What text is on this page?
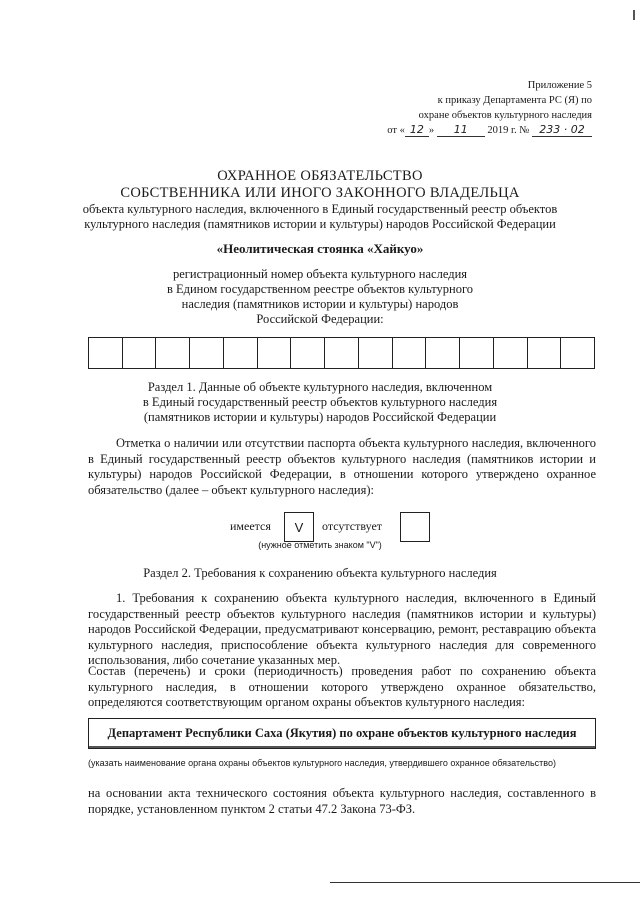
Приложение 5
к приказу Департамента РС (Я) по
охране объектов культурного наследия
от « 12 » 11 2019 г. № 233 · 02
ОХРАННОЕ ОБЯЗАТЕЛЬСТВО
СОБСТВЕННИКА ИЛИ ИНОГО ЗАКОННОГО ВЛАДЕЛЬЦА
объекта культурного наследия, включенного в Единый государственный реестр объектов
культурного наследия (памятников истории и культуры) народов Российской Федерации
«Неолитическая стоянка «Хайкуо»
регистрационный номер объекта культурного наследия
в Едином государственном реестре объектов культурного
наследия (памятников истории и культуры) народов
Российской Федерации:
Раздел 1. Данные об объекте культурного наследия, включенном
в Единый государственный реестр объектов культурного наследия
(памятников истории и культуры) народов Российской Федерации
Отметка о наличии или отсутствии паспорта объекта культурного наследия, включенного в Единый государственный реестр объектов культурного наследия (памятников истории и культуры) народов Российской Федерации, в отношении которого утверждено охранное обязательство (далее – объект культурного наследия):
имеется	V	отсутствует
(нужное отметить знаком "V")
Раздел 2. Требования к сохранению объекта культурного наследия
1. Требования к сохранению объекта культурного наследия, включенного в Единый государственный реестр объектов культурного наследия (памятников истории и культуры) народов Российской Федерации, предусматривают консервацию, ремонт, реставрацию объекта культурного наследия, приспособление объекта культурного наследия для современного использования, либо сочетание указанных мер.
Состав (перечень) и сроки (периодичность) проведения работ по сохранению объекта культурного наследия, в отношении которого утверждено охранное обязательство, определяются соответствующим органом охраны объектов культурного наследия:
Департамент Республики Саха (Якутия) по охране объектов культурного наследия
(указать наименование органа охраны объектов культурного наследия, утвердившего охранное обязательство)
на основании акта технического состояния объекта культурного наследия, составленного в порядке, установленном пунктом 2 статьи 47.2 Закона 73-ФЗ.
